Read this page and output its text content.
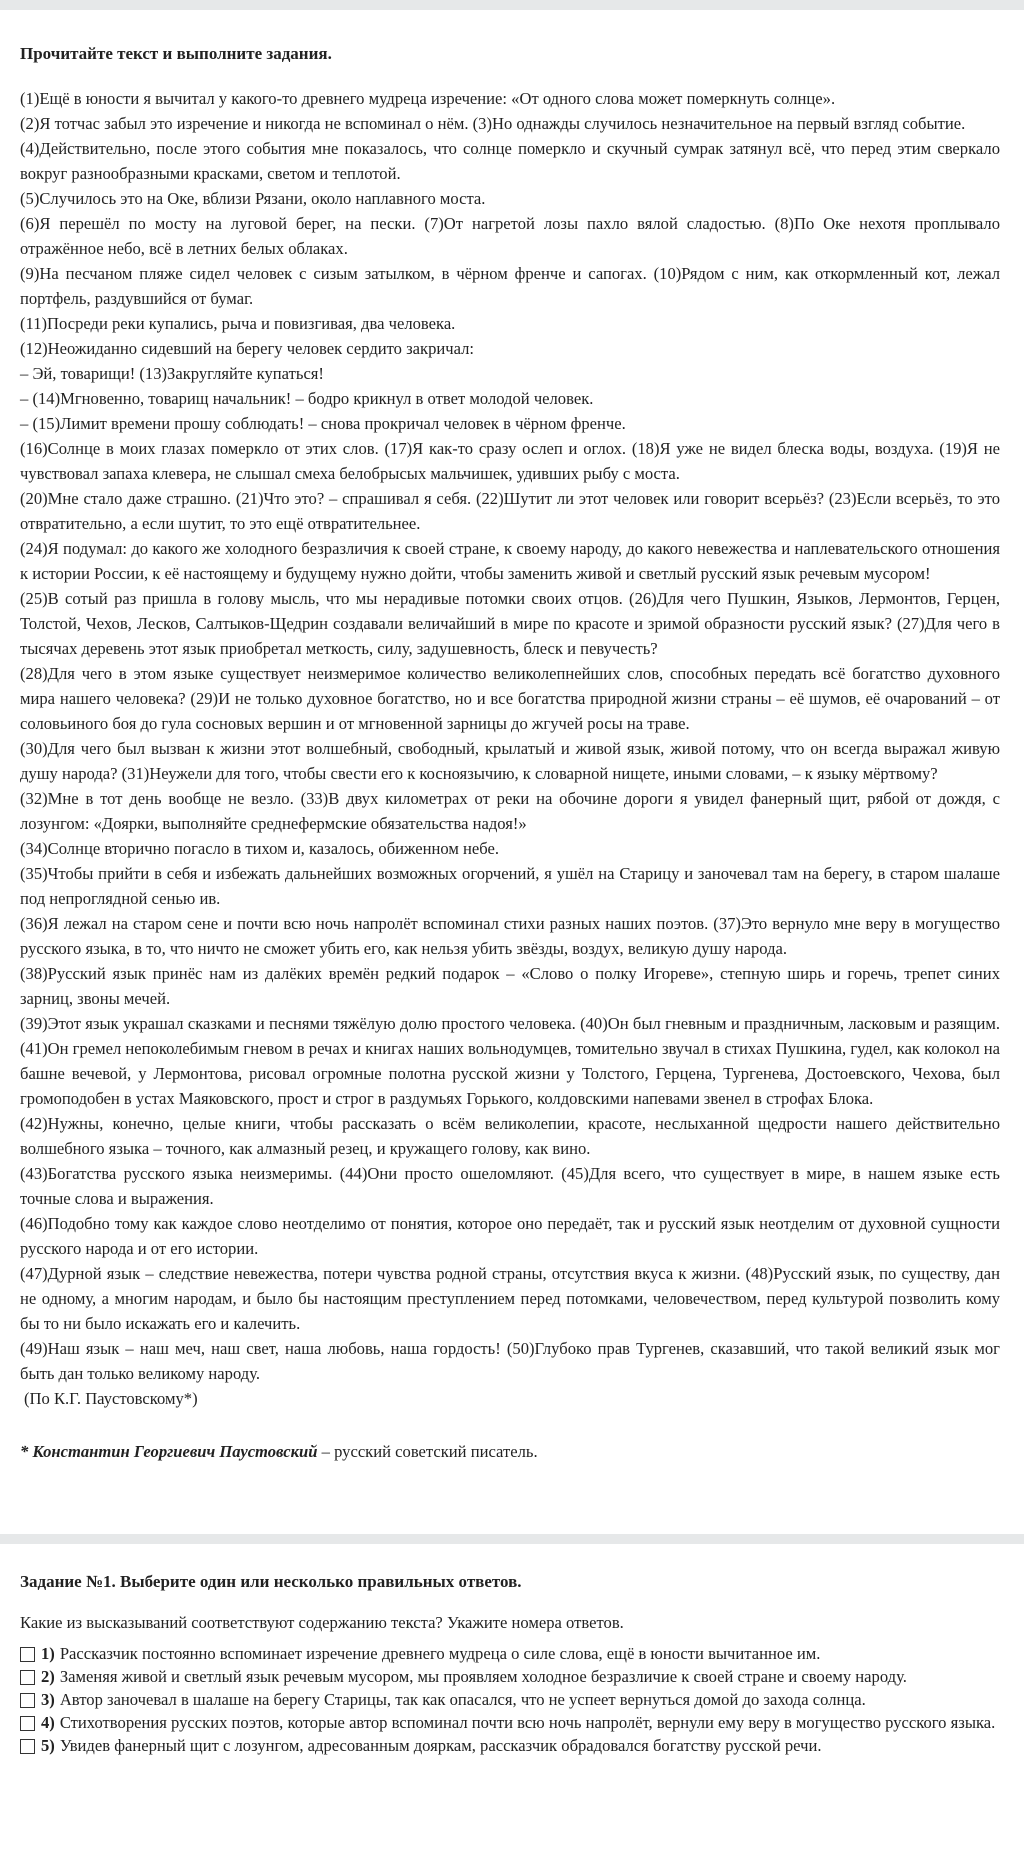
Прочитайте текст и выполните задания.

(1)Ещё в юности я вычитал у какого-то древнего мудреца изречение: «От одного слова может померкнуть солнце».

(2)Я тотчас забыл это изречение и никогда не вспоминал о нём. (3)Но однажды случилось незначительное на первый взгляд событие.

(4)Действительно, после этого события мне показалось, что солнце померкло и скучный сумрак затянул всё, что перед этим сверкало вокруг разнообразными красками, светом и теплотой.

(5)Случилось это на Оке, вблизи Рязани, около наплавного моста.

(6)Я перешёл по мосту на луговой берег, на пески. (7)От нагретой лозы пахло вялой сладостью. (8)По Оке нехотя проплывало отражённое небо, всё в летних белых облаках.

(9)На песчаном пляже сидел человек с сизым затылком, в чёрном френче и сапогах. (10)Рядом с ним, как откормленный кот, лежал портфель, раздувшийся от бумаг.

(11)Посреди реки купались, рыча и повизгивая, два человека.

(12)Неожиданно сидевший на берегу человек сердито закричал:

– Эй, товарищи! (13)Закругляйте купаться!

– (14)Мгновенно, товарищ начальник! – бодро крикнул в ответ молодой человек.

– (15)Лимит времени прошу соблюдать! – снова прокричал человек в чёрном френче.

(16)Солнце в моих глазах померкло от этих слов. (17)Я как-то сразу ослеп и оглох. (18)Я уже не видел блеска воды, воздуха. (19)Я не чувствовал запаха клевера, не слышал смеха белобрысых мальчишек, удивших рыбу с моста.

(20)Мне стало даже страшно. (21)Что это? – спрашивал я себя. (22)Шутит ли этот человек или говорит всерьёз? (23)Если всерьёз, то это отвратительно, а если шутит, то это ещё отвратительнее.

(24)Я подумал: до какого же холодного безразличия к своей стране, к своему народу, до какого невежества и наплевательского отношения к истории России, к её настоящему и будущему нужно дойти, чтобы заменить живой и светлый русский язык речевым мусором!

(25)В сотый раз пришла в голову мысль, что мы нерадивые потомки своих отцов. (26)Для чего Пушкин, Языков, Лермонтов, Герцен, Толстой, Чехов, Лесков, Салтыков-Щедрин создавали величайший в мире по красоте и зримой образности русский язык? (27)Для чего в тысячах деревень этот язык приобретал меткость, силу, задушевность, блеск и певучесть?

(28)Для чего в этом языке существует неизмеримое количество великолепнейших слов, способных передать всё богатство духовного мира нашего человека? (29)И не только духовное богатство, но и все богатства природной жизни страны – её шумов, её очарований – от соловьиного боя до гула сосновых вершин и от мгновенной зарницы до жгучей росы на траве.

(30)Для чего был вызван к жизни этот волшебный, свободный, крылатый и живой язык, живой потому, что он всегда выражал живую душу народа? (31)Неужели для того, чтобы свести его к косноязычию, к словарной нищете, иными словами, – к языку мёртвому?

(32)Мне в тот день вообще не везло. (33)В двух километрах от реки на обочине дороги я увидел фанерный щит, рябой от дождя, с лозунгом: «Доярки, выполняйте среднефермские обязательства надоя!»

(34)Солнце вторично погасло в тихом и, казалось, обиженном небе.

(35)Чтобы прийти в себя и избежать дальнейших возможных огорчений, я ушёл на Старицу и заночевал там на берегу, в старом шалаше под непроглядной сенью ив.

(36)Я лежал на старом сене и почти всю ночь напролёт вспоминал стихи разных наших поэтов. (37)Это вернуло мне веру в могущество русского языка, в то, что ничто не сможет убить его, как нельзя убить звёзды, воздух, великую душу народа.

(38)Русский язык принёс нам из далёких времён редкий подарок – «Слово о полку Игореве», степную ширь и горечь, трепет синих зарниц, звоны мечей.

(39)Этот язык украшал сказками и песнями тяжёлую долю простого человека. (40)Он был гневным и праздничным, ласковым и разящим. (41)Он гремел непоколебимым гневом в речах и книгах наших вольнодумцев, томительно звучал в стихах Пушкина, гудел, как колокол на башне вечевой, у Лермонтова, рисовал огромные полотна русской жизни у Толстого, Герцена, Тургенева, Достоевского, Чехова, был громоподобен в устах Маяковского, прост и строг в раздумьях Горького, колдовскими напевами звенел в строфах Блока.

(42)Нужны, конечно, целые книги, чтобы рассказать о всём великолепии, красоте, неслыханной щедрости нашего действительно волшебного языка – точного, как алмазный резец, и кружащего голову, как вино.

(43)Богатства русского языка неизмеримы. (44)Они просто ошеломляют. (45)Для всего, что существует в мире, в нашем языке есть точные слова и выражения.

(46)Подобно тому как каждое слово неотделимо от понятия, которое оно передаёт, так и русский язык неотделим от духовной сущности русского народа и от его истории.

(47)Дурной язык – следствие невежества, потери чувства родной страны, отсутствия вкуса к жизни. (48)Русский язык, по существу, дан не одному, а многим народам, и было бы настоящим преступлением перед потомками, человечеством, перед культурой позволить кому бы то ни было искажать его и калечить.

(49)Наш язык – наш меч, наш свет, наша любовь, наша гордость! (50)Глубоко прав Тургенев, сказавший, что такой великий язык мог быть дан только великому народу.

(По К.Г. Паустовскому*)

* Константин Георгиевич Паустовский – русский советский писатель.
Задание №1. Выберите один или несколько правильных ответов.
Какие из высказываний соответствуют содержанию текста? Укажите номера ответов.
1) Рассказчик постоянно вспоминает изречение древнего мудреца о силе слова, ещё в юности вычитанное им.
2) Заменяя живой и светлый язык речевым мусором, мы проявляем холодное безразличие к своей стране и своему народу.
3) Автор заночевал в шалаше на берегу Старицы, так как опасался, что не успеет вернуться домой до захода солнца.
4) Стихотворения русских поэтов, которые автор вспоминал почти всю ночь напролёт, вернули ему веру в могущество русского языка.
5) Увидев фанерный щит с лозунгом, адресованным дояркам, рассказчик обрадовался богатству русской речи.
